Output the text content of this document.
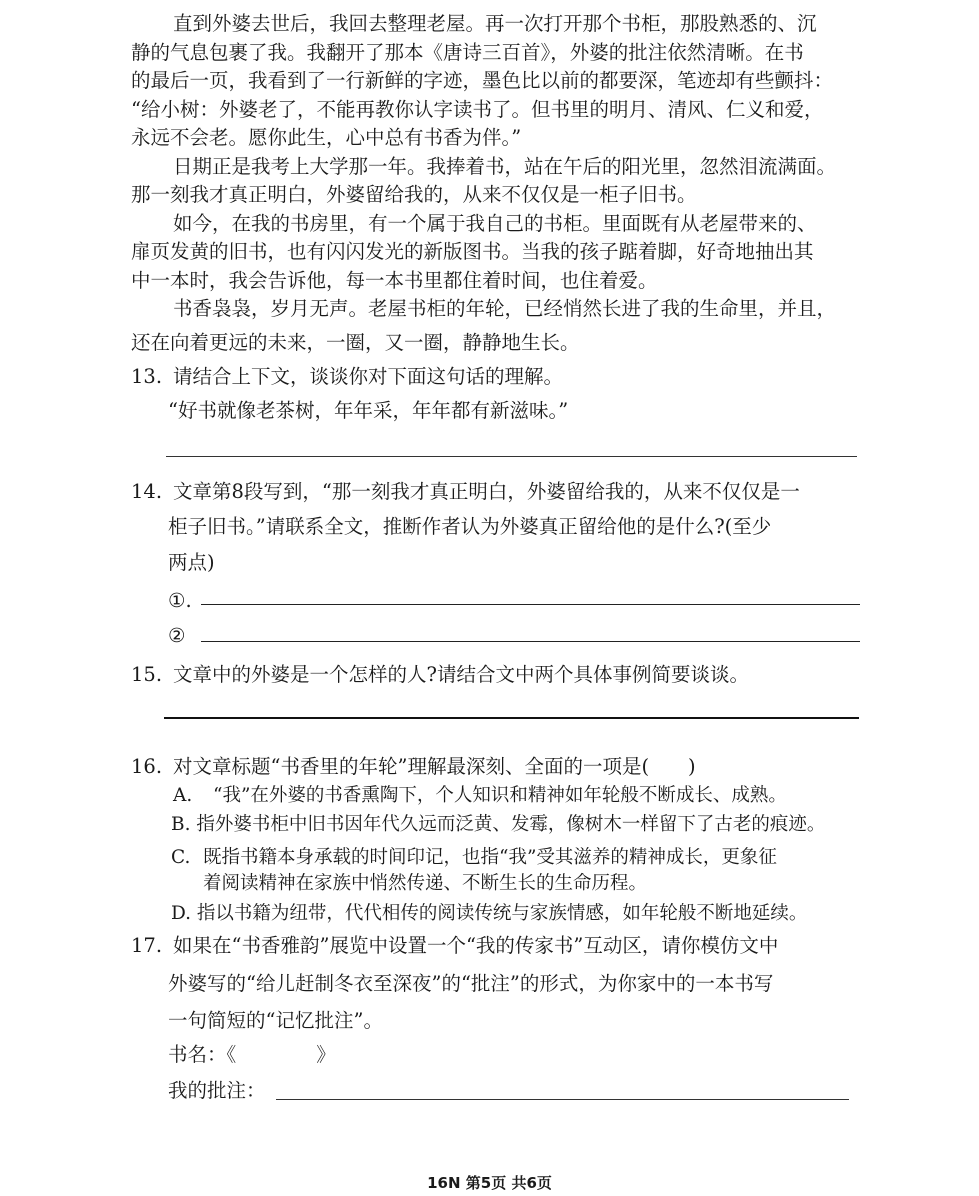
直到外婆去世后，我回去整理老屋。再一次打开那个书柜，那股熟悉的、沉
静的气息包裹了我。我翻开了那本《唐诗三百首》，外婆的批注依然清晰。在书
的最后一页，我看到了一行新鲜的字迹，墨色比以前的都要深，笔迹却有些颤抖：
“给小树：外婆老了，不能再教你认字读书了。但书里的明月、清风、仁义和爱，
永远不会老。愿你此生，心中总有书香为伴。”
日期正是我考上大学那一年。我捧着书，站在午后的阳光里，忽然泪流满面。
那一刻我才真正明白，外婆留给我的，从来不仅仅是一柜子旧书。
如今，在我的书房里，有一个属于我自己的书柜。里面既有从老屋带来的、
扉页发黄的旧书，也有闪闪发光的新版图书。当我的孩子踮着脚，好奇地抽出其
中一本时，我会告诉他，每一本书里都住着时间，也住着爱。
书香袅袅，岁月无声。老屋书柜的年轮，已经悄然长进了我的生命里，并且，
还在向着更远的未来，一圈，又一圈，静静地生长。
13. 请结合上下文，谈谈你对下面这句话的理解。
“好书就像老茶树，年年采，年年都有新滋味。”
14. 文章第8段写到，“那一刻我才真正明白，外婆留给我的，从来不仅仅是一
柜子旧书。”请联系全文，推断作者认为外婆真正留给他的是什么?(至少
两点)
①.
②
15. 文章中的外婆是一个怎样的人?请结合文中两个具体事例简要谈谈。
16. 对文章标题“书香里的年轮”理解最深刻、全面的一项是(　　)
A. “我”在外婆的书香熏陶下，个人知识和精神如年轮般不断成长、成熟。
B. 指外婆书柜中旧书因年代久远而泛黄、发霉，像树木一样留下了古老的痕迹。
C. 既指书籍本身承载的时间印记，也指“我”受其滋养的精神成长，更象征
着阅读精神在家族中悄然传递、不断生长的生命历程。
D. 指以书籍为纽带，代代相传的阅读传统与家族情感，如年轮般不断地延续。
17. 如果在“书香雅韵”展览中设置一个“我的传家书”互动区，请你模仿文中
外婆写的“给儿赶制冬衣至深夜”的“批注”的形式，为你家中的一本书写
一句简短的“记忆批注”。
书名：《	》
我的批注：
16N 第5页 共6页
